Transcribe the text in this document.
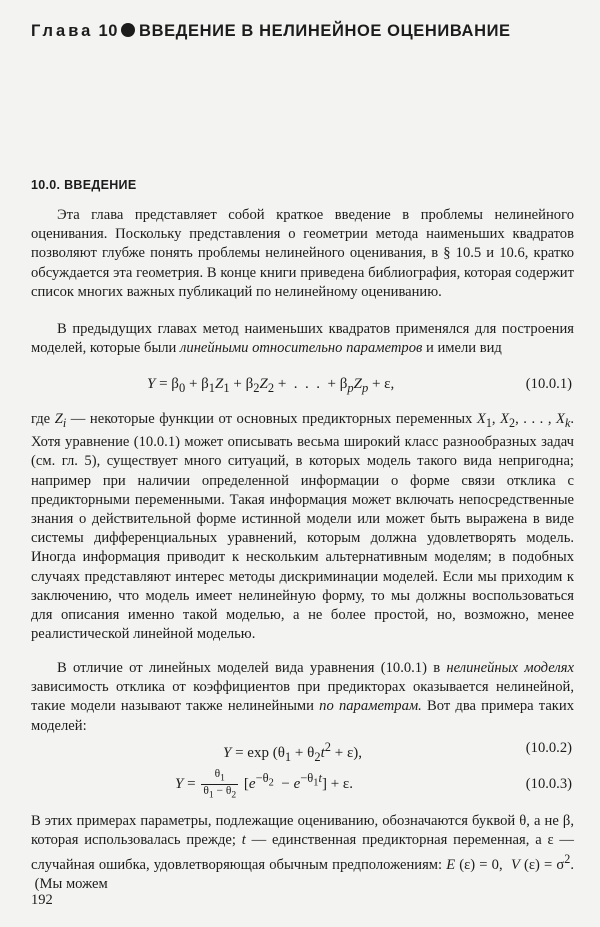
Глава 10 ВВЕДЕНИЕ В НЕЛИНЕЙНОЕ ОЦЕНИВАНИЕ
10.0. ВВЕДЕНИЕ

Эта глава представляет собой краткое введение в проблемы нелинейного оценивания. Поскольку представления о геометрии метода наименьших квадратов позволяют глубже понять проблемы нелинейного оценивания, в § 10.5 и 10.6, кратко обсуждается эта геометрия. В конце книги приведена библиография, которая содержит список многих важных публикаций по нелинейному оцениванию.

В предыдущих главах метод наименьших квадратов применялся для построения моделей, которые были линейными относительно параметров и имели вид

$Y = \beta_0 + \beta_1Z_1 + \beta_2Z_2$ +  .  .  .  + $\beta_pZ_p + \varepsilon$,	(10.0.1)

где $Z_i$ — некоторые функции от основных предикторных переменных $X_1$, $X_2$, . . . , $X_k$. Хотя уравнение (10.0.1) может описывать весьма широкий класс разнообразных задач (см. гл. 5), существует много ситуаций, в которых модель такого вида непригодна; например при наличии определенной информации о форме связи отклика с предикторными переменными. Такая информация может включать непосредственные знания о действительной форме истинной модели или может быть выражена в виде системы дифференциальных уравнений, которым должна удовлетворять модель. Иногда информация приводит к нескольким альтернативным моделям; в подобных случаях представляют интерес методы дискриминации моделей. Если мы приходим к заключению, что модель имеет нелинейную форму, то мы должны воспользоваться для описания именно такой моделью, а не более простой, но, возможно, менее реалистической линейной моделью.

В отличие от линейных моделей вида уравнения (10.0.1) в нелинейных моделях зависимость отклика от коэффициентов при предикторах оказывается нелинейной, такие модели называют также нелинейными по параметрам. Вот два примера таких моделей:

$Y = \exp (\theta_1 + \theta_2t^2 + \varepsilon)$,	(10.0.2)
$Y = \frac{\theta_1}{\theta_1 - \theta_2} [e^{-\theta_2} - e^{-\theta_1t}] + \varepsilon$.	(10.0.3)

В этих примерах параметры, подлежащие оцениванию, обозначаются буквой θ, а не β, которая использовалась прежде; t — единственная предикторная переменная, а ε — случайная ошибка, удовлетворяющая обычным предположениям: E (ε) = 0,  V $(\varepsilon) = \sigma^2$.  (Мы можем

192
